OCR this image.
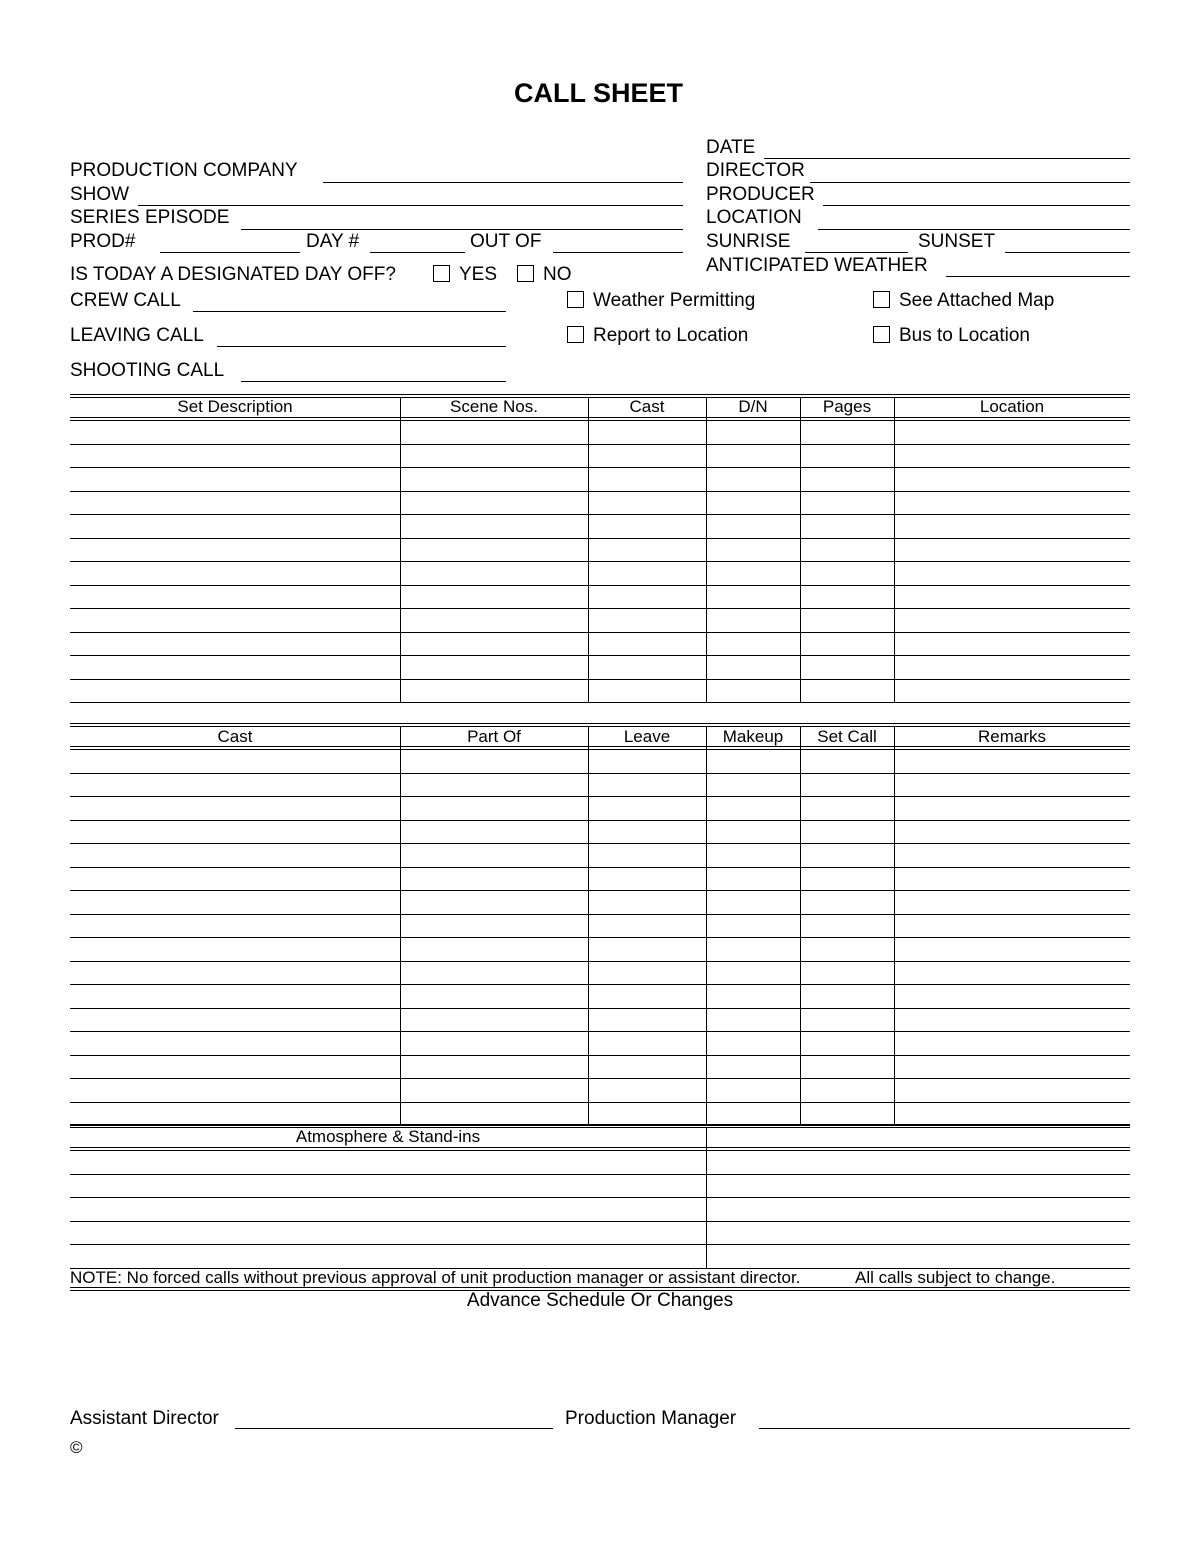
CALL SHEET
PRODUCTION COMPANY
SHOW
SERIES EPISODE
PROD#	DAY #	OUT OF
DATE
DIRECTOR
PRODUCER
LOCATION
SUNRISE	SUNSET
ANTICIPATED WEATHER
IS TODAY A DESIGNATED DAY OFF?	YES NO
CREW CALL
LEAVING CALL
SHOOTING CALL
Weather Permitting	See Attached Map
Report to Location	Bus to Location
Set Description	Scene Nos.	Cast	D/N	Pages	Location
Cast	Part Of	Leave	Makeup	Set Call	Remarks
Atmosphere & Stand-ins
NOTE: No forced calls without previous approval of unit production manager or assistant director.	All calls subject to change.
Advance Schedule Or Changes
Assistant Director	Production Manager
©
